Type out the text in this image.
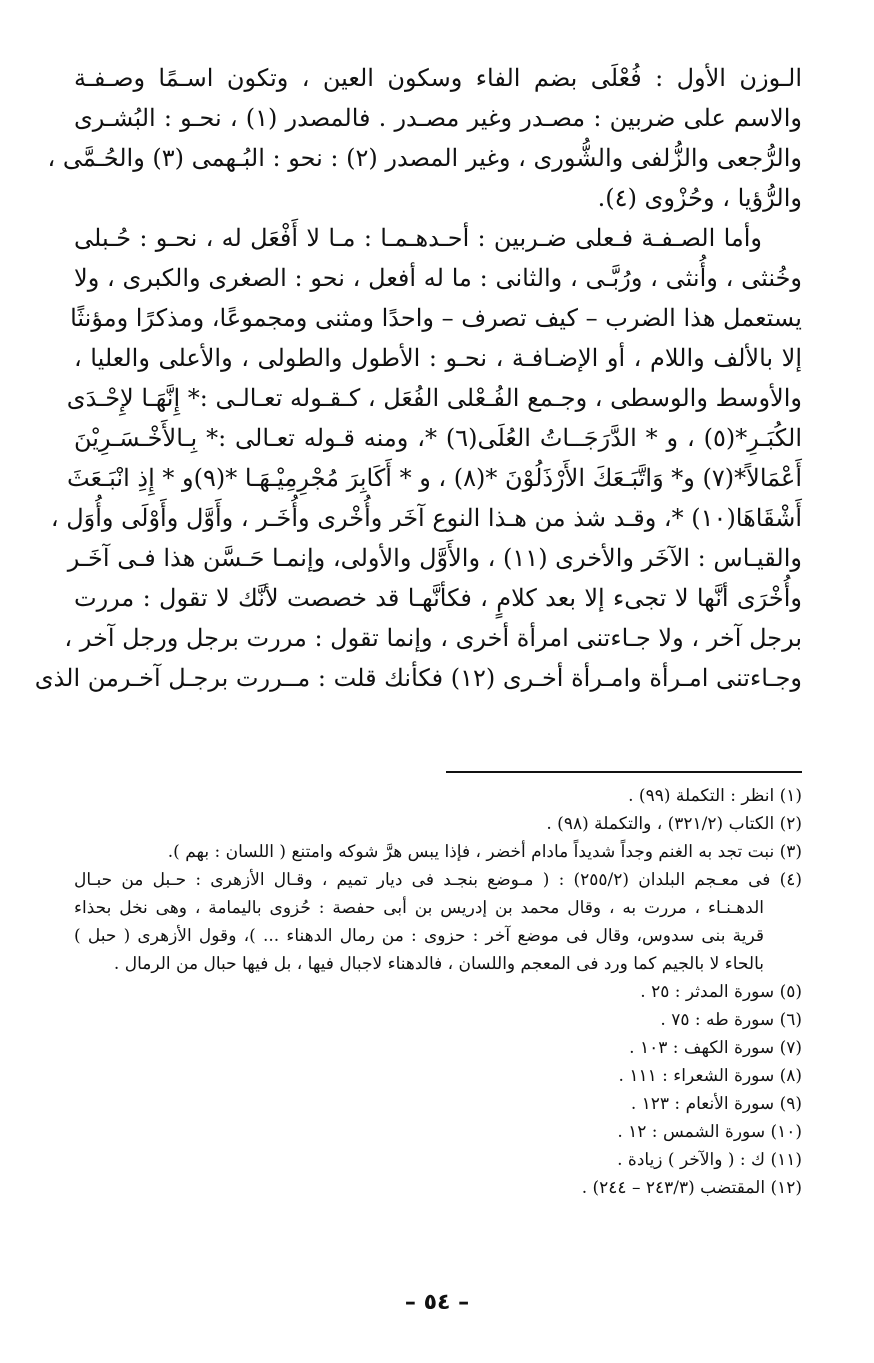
الـوزن الأول : فُعْلَى بضم الفاء وسكون العين ، وتكون اسـمًا وصـفـة
والاسم على ضربين : مصـدر وغير مصـدر . فالمصدر (١) ، نحـو : البُشـرى
والرُّجعى والزُّلفى والشُّورى ، وغير المصدر (٢) : نحو : البُـهمى (٣) والحُـمَّى ،
والرُّؤيا ، وحُزْوى (٤).
وأما الصـفـة فـعلى ضـربين : أحـدهـمـا : مـا لا أَفْعَل له ، نحـو : حُـبلى
وخُنثى ، وأُنثى ، ورُبَّـى ، والثانى : ما له أفعل ، نحو : الصغرى والكبرى ، ولا
يستعمل هذا الضرب – كيف تصرف – واحدًا ومثنى ومجموعًا، ومذكرًا ومؤنثًا
إلا بالألف واللام ، أو الإضـافـة ، نحـو : الأطول والطولى ، والأعلى والعليا ،
والأوسط والوسطى ، وجـمع الفُـعْلى الفُعَل ، كـقـوله تعـالـى :* إِنَّهَـا لإِحْـدَى
الكُبَـرِ*(٥) ، و * الدَّرَجَــاتُ العُلَى(٦) *، ومنه قـوله تعـالى :* بِـالأَخْـسَـرِيْنَ
أَعْمَالاً*(٧) و* وَاتَّبَـعَكَ الأَرْذَلُوْنَ *(٨) ، و * أَكَابِرَ مُجْرِمِيْـهَـا *(٩)و * إِذِ انْبَـعَثَ
أَشْقَاهَا(١٠) *، وقـد شذ من هـذا النوع آخَر وأُخْرى وأُخَـر ، وأَوَّل وأَوْلَى وأُوَل ،
والقيـاس : الآخَر والأخرى (١١) ، والأَوَّل والأولى، وإنمـا حَـسَّن هذا فـى آخَـر
وأُخْرَى أنَّها لا تجىء إلا بعد كلامٍ ، فكأنَّهـا قد خصصت لأنَّك لا تقول : مررت
برجل آخر ، ولا جـاءتنى امرأة أخرى ، وإنما تقول : مررت برجل ورجل آخر ،
وجـاءتنى امـرأة وامـرأة أخـرى (١٢) فكأنك قلت : مــررت برجـل آخـرمن الذى
(١) انظر : التكملة (٩٩) .
(٢) الكتاب (٣٢١/٢) ، والتكملة (٩٨) .
(٣) نبت تجد به الغنم وجداً شديداً مادام أخضر ، فإذا يبس هرَّ شوكه وامتنع ( اللسان : بهم ).
(٤) فى معـجم البلدان (٢٥٥/٢) : ( مـوضع بنجـد فى ديار تميم ، وقـال الأزهرى : حـبل من حبـال
الدهـنـاء ، مررت به ، وقال محمد بن إدريس بن أبى حفصة : حُزوى باليمامة ، وهى نخل بحذاء
قرية بنى سدوس، وقال فى موضع آخر : حزوى : من رمال الدهناء ... )، وقول الأزهرى ( حبل )
بالحاء لا بالجيم كما ورد فى المعجم واللسان ، فالدهناء لاجبال فيها ، بل فيها حبال من الرمال .
(٥) سورة المدثر : ٢٥ .
(٦) سورة طه : ٧٥ .
(٧) سورة الكهف : ١٠٣ .
(٨) سورة الشعراء : ١١١ .
(٩) سورة الأنعام : ١٢٣ .
(١٠) سورة الشمس : ١٢ .
(١١) ك : ( والآخر ) زيادة .
(١٢) المقتضب (٢٤٣/٣ – ٢٤٤) .
– ٥٤ –
